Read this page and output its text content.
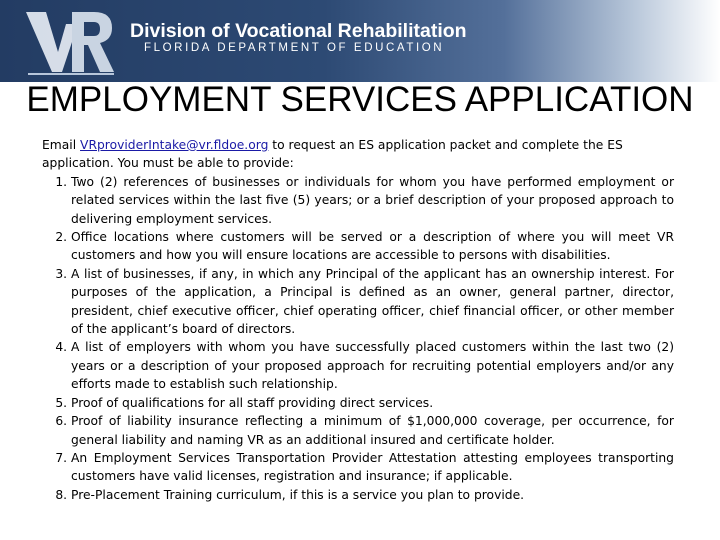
Division of Vocational Rehabilitation
FLORIDA DEPARTMENT OF EDUCATION
EMPLOYMENT SERVICES APPLICATION

Email VRproviderIntake@vr.fldoe.org to request an ES application packet and complete the ES application. You must be able to provide:

1. Two (2) references of businesses or individuals for whom you have performed employment or related services within the last five (5) years; or a brief description of your proposed approach to delivering employment services.
2. Office locations where customers will be served or a description of where you will meet VR customers and how you will ensure locations are accessible to persons with disabilities.
3. A list of businesses, if any, in which any Principal of the applicant has an ownership interest. For purposes of the application, a Principal is defined as an owner, general partner, director, president, chief executive officer, chief operating officer, chief financial officer, or other member of the applicant’s board of directors.
4. A list of employers with whom you have successfully placed customers within the last two (2) years or a description of your proposed approach for recruiting potential employers and/or any efforts made to establish such relationship.
5. Proof of qualifications for all staff providing direct services.
6. Proof of liability insurance reflecting a minimum of $1,000,000 coverage, per occurrence, for general liability and naming VR as an additional insured and certificate holder.
7. An Employment Services Transportation Provider Attestation attesting employees transporting customers have valid licenses, registration and insurance; if applicable.
8. Pre-Placement Training curriculum, if this is a service you plan to provide.
